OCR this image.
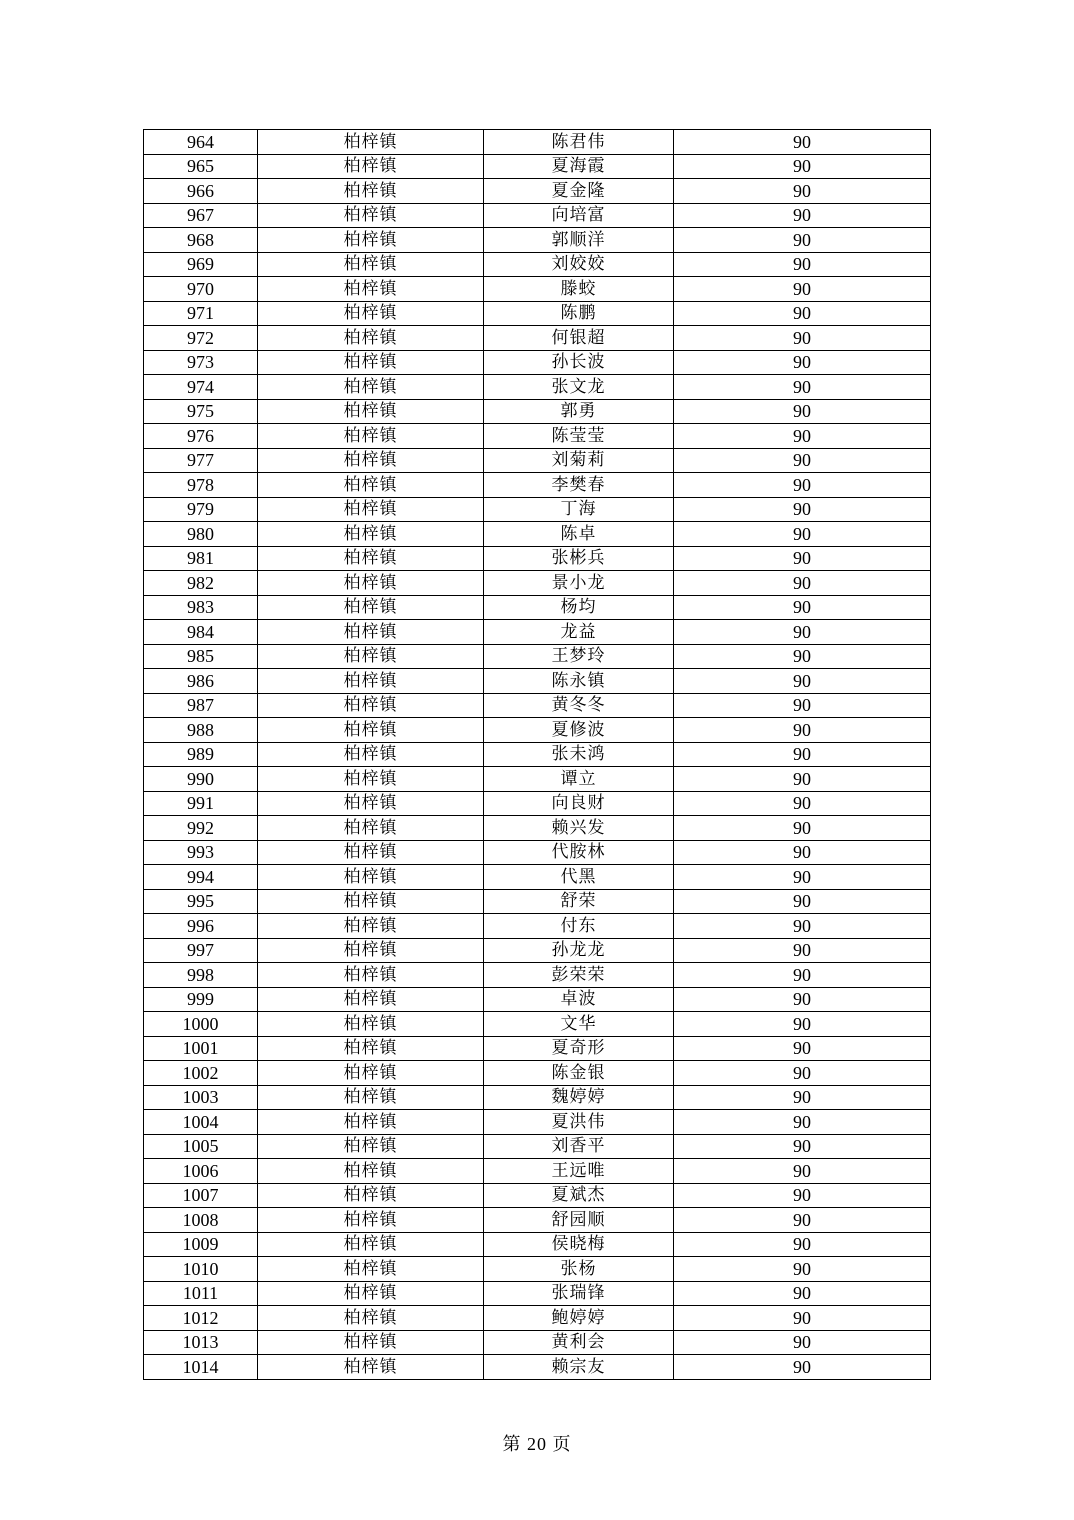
964	柏梓镇	陈君伟	90
965	柏梓镇	夏海霞	90
966	柏梓镇	夏金隆	90
967	柏梓镇	向培富	90
968	柏梓镇	郭顺洋	90
969	柏梓镇	刘姣姣	90
970	柏梓镇	滕蛟	90
971	柏梓镇	陈鹏	90
972	柏梓镇	何银超	90
973	柏梓镇	孙长波	90
974	柏梓镇	张文龙	90
975	柏梓镇	郭勇	90
976	柏梓镇	陈莹莹	90
977	柏梓镇	刘菊莉	90
978	柏梓镇	李樊春	90
979	柏梓镇	丁海	90
980	柏梓镇	陈卓	90
981	柏梓镇	张彬兵	90
982	柏梓镇	景小龙	90
983	柏梓镇	杨均	90
984	柏梓镇	龙益	90
985	柏梓镇	王梦玲	90
986	柏梓镇	陈永镇	90
987	柏梓镇	黄冬冬	90
988	柏梓镇	夏修波	90
989	柏梓镇	张未鸿	90
990	柏梓镇	谭立	90
991	柏梓镇	向良财	90
992	柏梓镇	赖兴发	90
993	柏梓镇	代胺林	90
994	柏梓镇	代黑	90
995	柏梓镇	舒荣	90
996	柏梓镇	付东	90
997	柏梓镇	孙龙龙	90
998	柏梓镇	彭荣荣	90
999	柏梓镇	卓波	90
1000	柏梓镇	文华	90
1001	柏梓镇	夏奇形	90
1002	柏梓镇	陈金银	90
1003	柏梓镇	魏婷婷	90
1004	柏梓镇	夏洪伟	90
1005	柏梓镇	刘香平	90
1006	柏梓镇	王远唯	90
1007	柏梓镇	夏斌杰	90
1008	柏梓镇	舒园顺	90
1009	柏梓镇	侯晓梅	90
1010	柏梓镇	张杨	90
1011	柏梓镇	张瑞锋	90
1012	柏梓镇	鲍婷婷	90
1013	柏梓镇	黄利会	90
1014	柏梓镇	赖宗友	90
第 20 页
